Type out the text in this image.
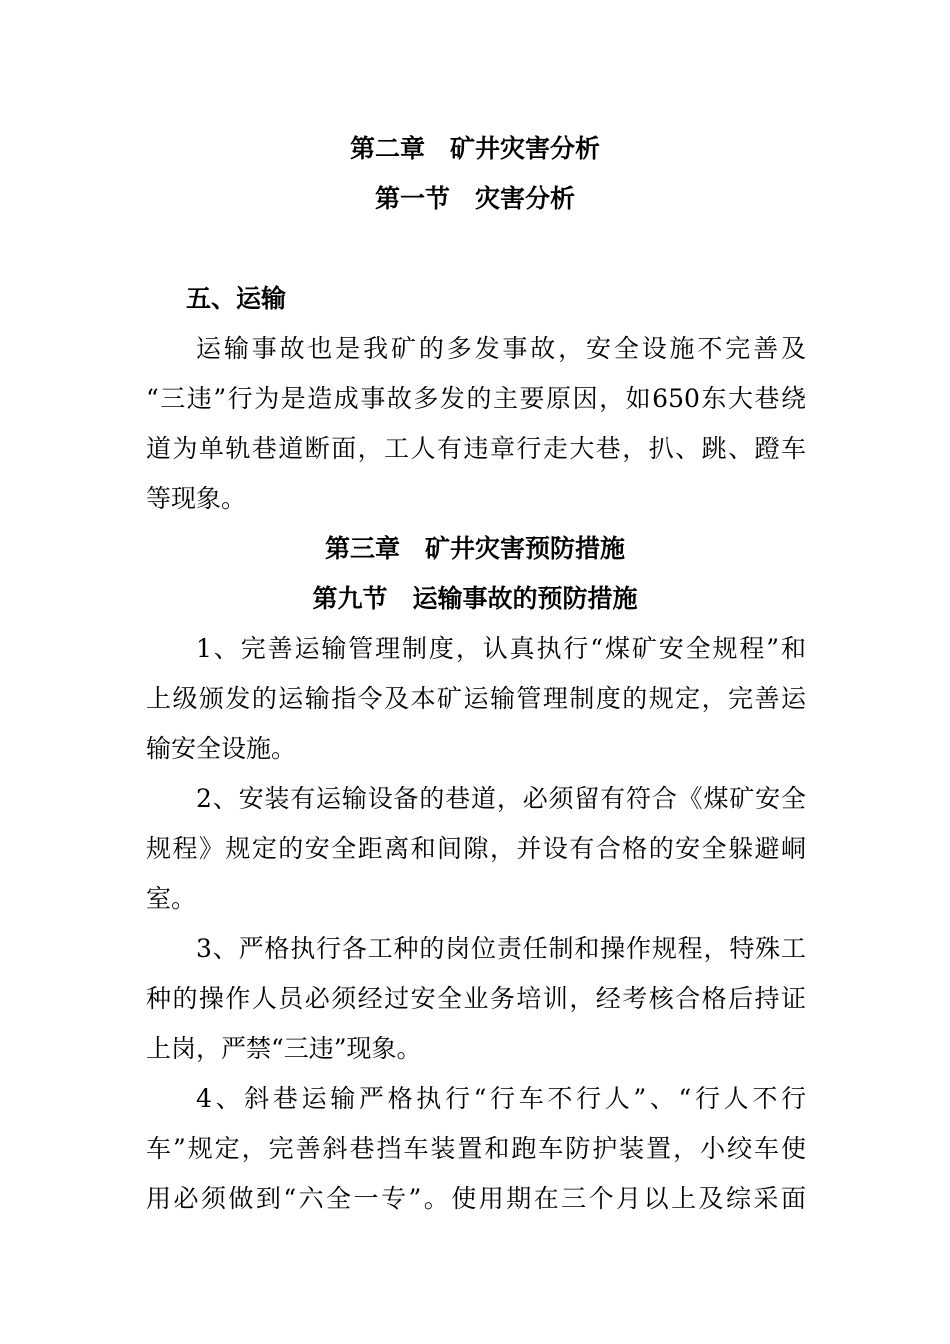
第二章　矿井灾害分析
第一节　灾害分析
五、运输
运输事故也是我矿的多发事故，安全设施不完善及
“三违”行为是造成事故多发的主要原因，如650东大巷绕
道为单轨巷道断面，工人有违章行走大巷，扒、跳、蹬车
等现象。
第三章　矿井灾害预防措施
第九节　运输事故的预防措施
1、完善运输管理制度，认真执行“煤矿安全规程”和
上级颁发的运输指令及本矿运输管理制度的规定，完善运
输安全设施。
2、安装有运输设备的巷道，必须留有符合《煤矿安全
规程》规定的安全距离和间隙，并设有合格的安全躲避峒
室。
3、严格执行各工种的岗位责任制和操作规程，特殊工
种的操作人员必须经过安全业务培训，经考核合格后持证
上岗，严禁“三违”现象。
4、斜巷运输严格执行“行车不行人”、“行人不行
车”规定，完善斜巷挡车装置和跑车防护装置，小绞车使
用必须做到“六全一专”。使用期在三个月以上及综采面
